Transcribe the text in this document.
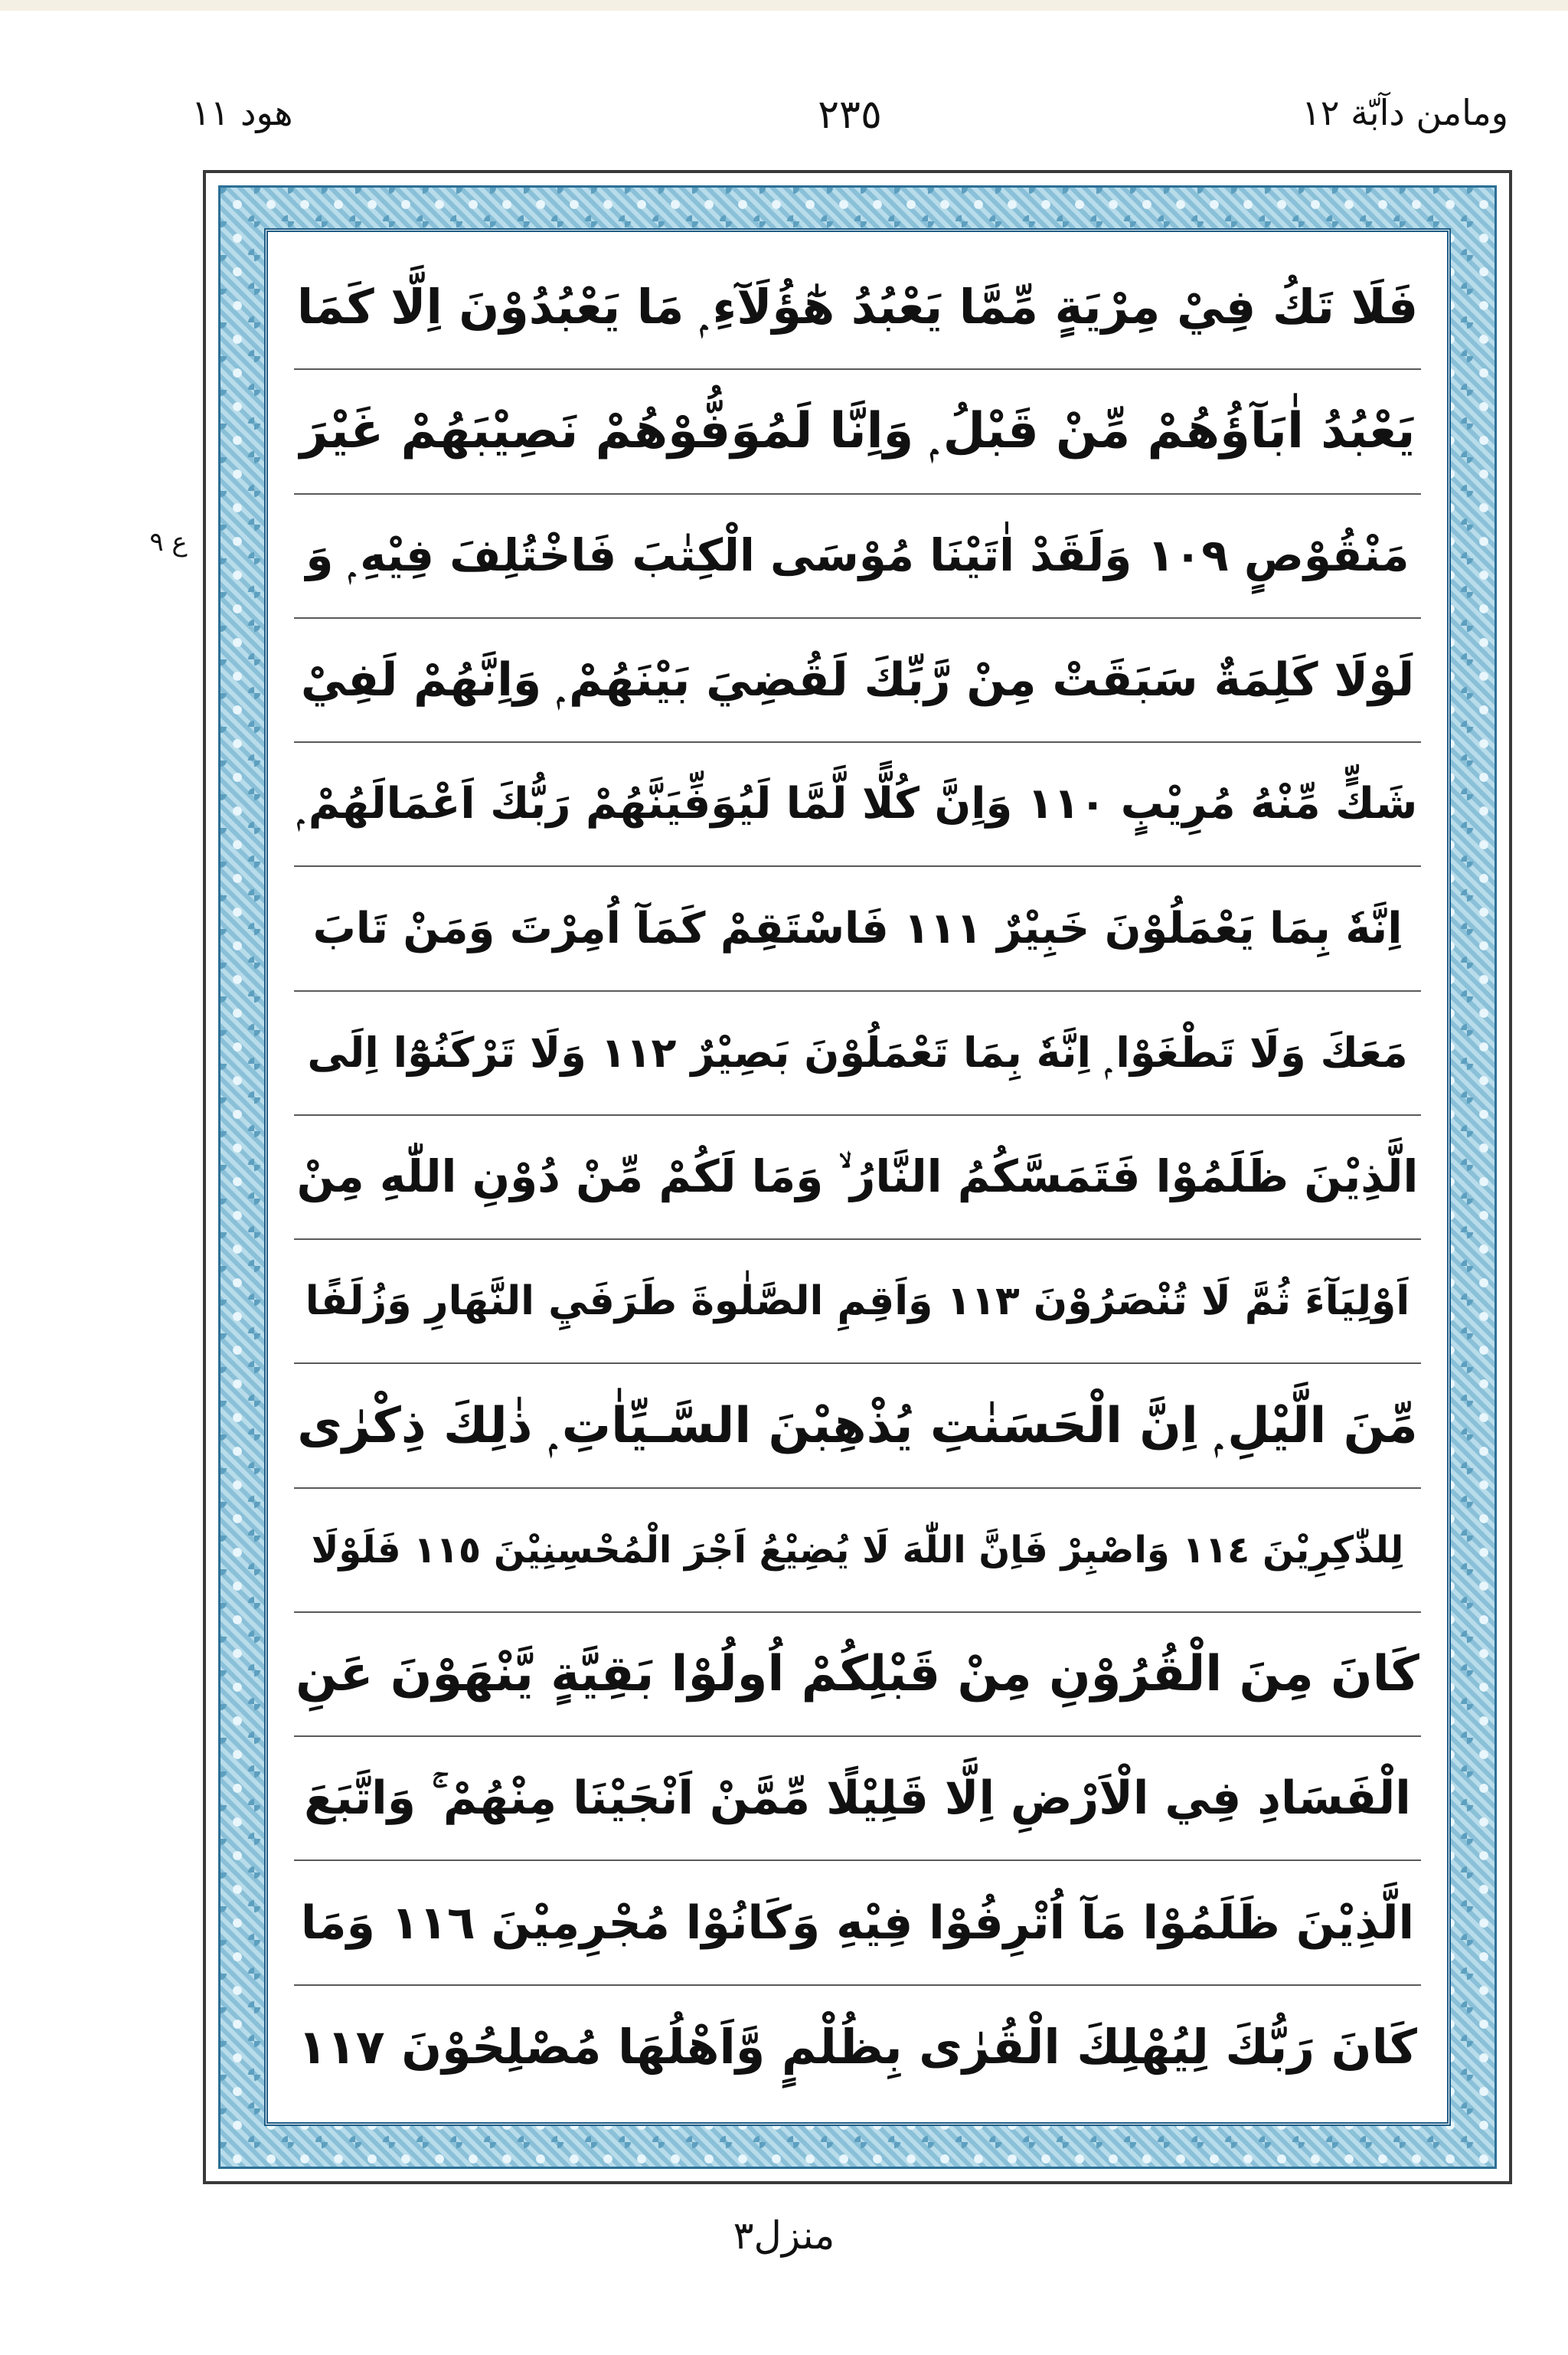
ومامن دآبّة ١٢
٢٣٥
هود ١١
ع ٩
فَلَا تَكُ فِيْ مِرْيَةٍ مِّمَّا يَعْبُدُ هٰٓؤُلَآءِ ۭ مَا يَعْبُدُوْنَ اِلَّا كَمَا
يَعْبُدُ اٰبَآؤُهُمْ مِّنْ قَبْلُ ۭ وَاِنَّا لَمُوَفُّوْهُمْ نَصِيْبَهُمْ غَيْرَ
مَنْقُوْصٍ ١٠٩ وَلَقَدْ اٰتَيْنَا مُوْسَى الْكِتٰبَ فَاخْتُلِفَ فِيْهِ ۭ وَ
لَوْلَا كَلِمَةٌ سَبَقَتْ مِنْ رَّبِّكَ لَقُضِيَ بَيْنَهُمْ ۭ وَاِنَّهُمْ لَفِيْ
شَكٍّ مِّنْهُ مُرِيْبٍ ١١٠ وَاِنَّ كُلًّا لَّمَّا لَيُوَفِّيَنَّهُمْ رَبُّكَ اَعْمَالَهُمْ ۭ
اِنَّهٗ بِمَا يَعْمَلُوْنَ خَبِيْرٌ ١١١ فَاسْتَقِمْ كَمَآ اُمِرْتَ وَمَنْ تَابَ
مَعَكَ وَلَا تَطْغَوْا ۭ اِنَّهٗ بِمَا تَعْمَلُوْنَ بَصِيْرٌ ١١٢ وَلَا تَرْكَنُوْٓا اِلَى
الَّذِيْنَ ظَلَمُوْا فَتَمَسَّكُمُ النَّارُ ۙ وَمَا لَكُمْ مِّنْ دُوْنِ اللّٰهِ مِنْ
اَوْلِيَآءَ ثُمَّ لَا تُنْصَرُوْنَ ١١٣ وَاَقِمِ الصَّلٰوةَ طَرَفَيِ النَّهَارِ وَزُلَفًا
مِّنَ الَّيْلِ ۭ اِنَّ الْحَسَنٰتِ يُذْهِبْنَ السَّـيِّاٰتِ ۭ ذٰلِكَ ذِكْرٰى
لِلذّٰكِرِيْنَ ١١٤ وَاصْبِرْ فَاِنَّ اللّٰهَ لَا يُضِيْعُ اَجْرَ الْمُحْسِنِيْنَ ١١٥ فَلَوْلَا
كَانَ مِنَ الْقُرُوْنِ مِنْ قَبْلِكُمْ اُولُوْا بَقِيَّةٍ يَّنْهَوْنَ عَنِ
الْفَسَادِ فِي الْاَرْضِ اِلَّا قَلِيْلًا مِّمَّنْ اَنْجَيْنَا مِنْهُمْ ۚ وَاتَّبَعَ
الَّذِيْنَ ظَلَمُوْا مَآ اُتْرِفُوْا فِيْهِ وَكَانُوْا مُجْرِمِيْنَ ١١٦ وَمَا
كَانَ رَبُّكَ لِيُهْلِكَ الْقُرٰى بِظُلْمٍ وَّاَهْلُهَا مُصْلِحُوْنَ ١١٧
منزل٣
